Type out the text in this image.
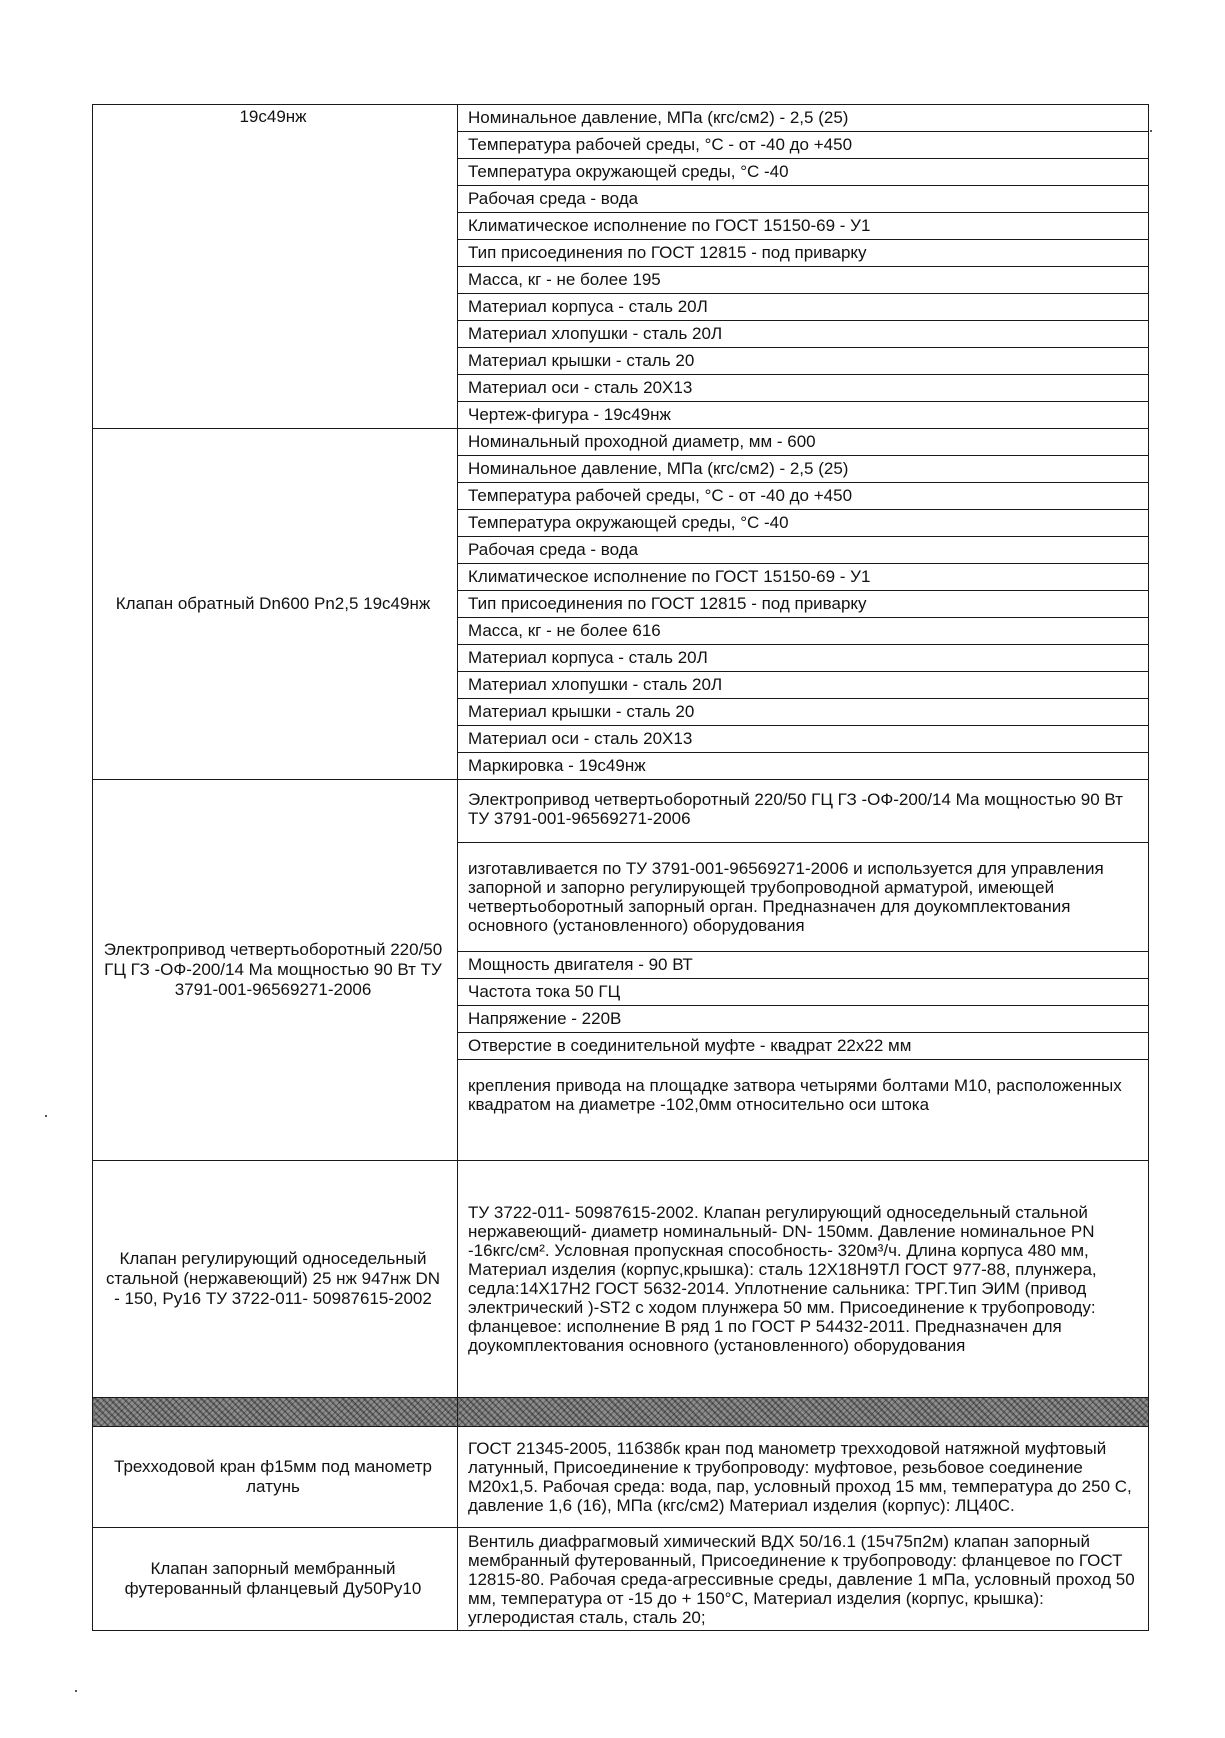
19с49нж	Номинальное давление, МПа (кгс/см2) - 2,5 (25)
	Температура рабочей среды, °С - от -40 до +450
	Температура окружающей среды, °С -40
	Рабочая среда - вода
	Климатическое исполнение по ГОСТ 15150-69 - У1
	Тип присоединения по ГОСТ 12815 - под приварку
	Масса, кг - не более 195
	Материал корпуса - сталь 20Л
	Материал хлопушки - сталь 20Л
	Материал крышки - сталь 20
	Материал оси - сталь 20Х13
	Чертеж-фигура - 19с49нж
Клапан обратный Dn600 Pn2,5 19с49нж	Номинальный проходной диаметр, мм - 600
	Номинальное давление, МПа (кгс/см2) - 2,5 (25)
	Температура рабочей среды, °С - от -40 до +450
	Температура окружающей среды, °С -40
	Рабочая среда - вода
	Климатическое исполнение по ГОСТ 15150-69 - У1
	Тип присоединения по ГОСТ 12815 - под приварку
	Масса, кг - не более 616
	Материал корпуса - сталь 20Л
	Материал хлопушки - сталь 20Л
	Материал крышки - сталь 20
	Материал оси - сталь 20Х13
	Маркировка - 19с49нж
Электропривод четвертьоборотный 220/50 ГЦ ГЗ -ОФ-200/14 Ма мощностью 90 Вт ТУ 3791-001-96569271-2006	Электропривод четвертьоборотный 220/50 ГЦ ГЗ -ОФ-200/14 Ма мощностью 90 Вт ТУ 3791-001-96569271-2006
	изготавливается по ТУ 3791-001-96569271-2006 и используется для управления запорной и запорно регулирующей трубопроводной арматурой, имеющей четвертьоборотный запорный орган. Предназначен для доукомплектования основного (установленного) оборудования
	Мощность двигателя - 90 ВТ
	Частота тока 50 ГЦ
	Напряжение - 220В
	Отверстие в соединительной муфте - квадрат 22х22 мм
	крепления привода на площадке затвора четырями болтами М10, расположенных квадратом на диаметре -102,0мм относительно оси штока
Клапан регулирующий односедельный стальной (нержавеющий) 25 нж 947нж DN - 150, Ру16 ТУ 3722-011- 50987615-2002	ТУ 3722-011- 50987615-2002. Клапан регулирующий односедельный стальной нержавеющий- диаметр номинальный- DN- 150мм. Давление номинальное PN -16кгс/см². Условная пропускная способность- 320м³/ч. Длина корпуса 480 мм, Материал изделия (корпус,крышка): сталь 12Х18Н9ТЛ ГОСТ 977-88, плунжера, седла:14Х17Н2 ГОСТ 5632-2014. Уплотнение сальника: ТРГ.Тип ЭИМ (привод электрический )-ST2 с ходом плунжера 50 мм. Присоединение к трубопроводу: фланцевое: исполнение В ряд 1 по ГОСТ Р 54432-2011. Предназначен для доукомплектования основного (установленного) оборудования

Трехходовой кран ф15мм под манометр латунь	ГОСТ 21345-2005, 11б38бк кран под манометр трехходовой натяжной муфтовый латунный, Присоединение к трубопроводу: муфтовое, резьбовое соединение М20х1,5. Рабочая среда: вода, пар, условный проход 15 мм, температура до 250 С, давление 1,6 (16), МПа (кгс/см2) Материал изделия (корпус): ЛЦ40С.
Клапан запорный мембранный футерованный фланцевый Ду50Ру10	Вентиль диафрагмовый химический ВДХ 50/16.1 (15ч75п2м) клапан запорный мембранный футерованный, Присоединение к трубопроводу: фланцевое по ГОСТ 12815-80. Рабочая среда-агрессивные среды, давление 1 мПа, условный проход 50 мм, температура от -15 до + 150°С, Материал изделия (корпус, крышка): углеродистая сталь, сталь 20;
